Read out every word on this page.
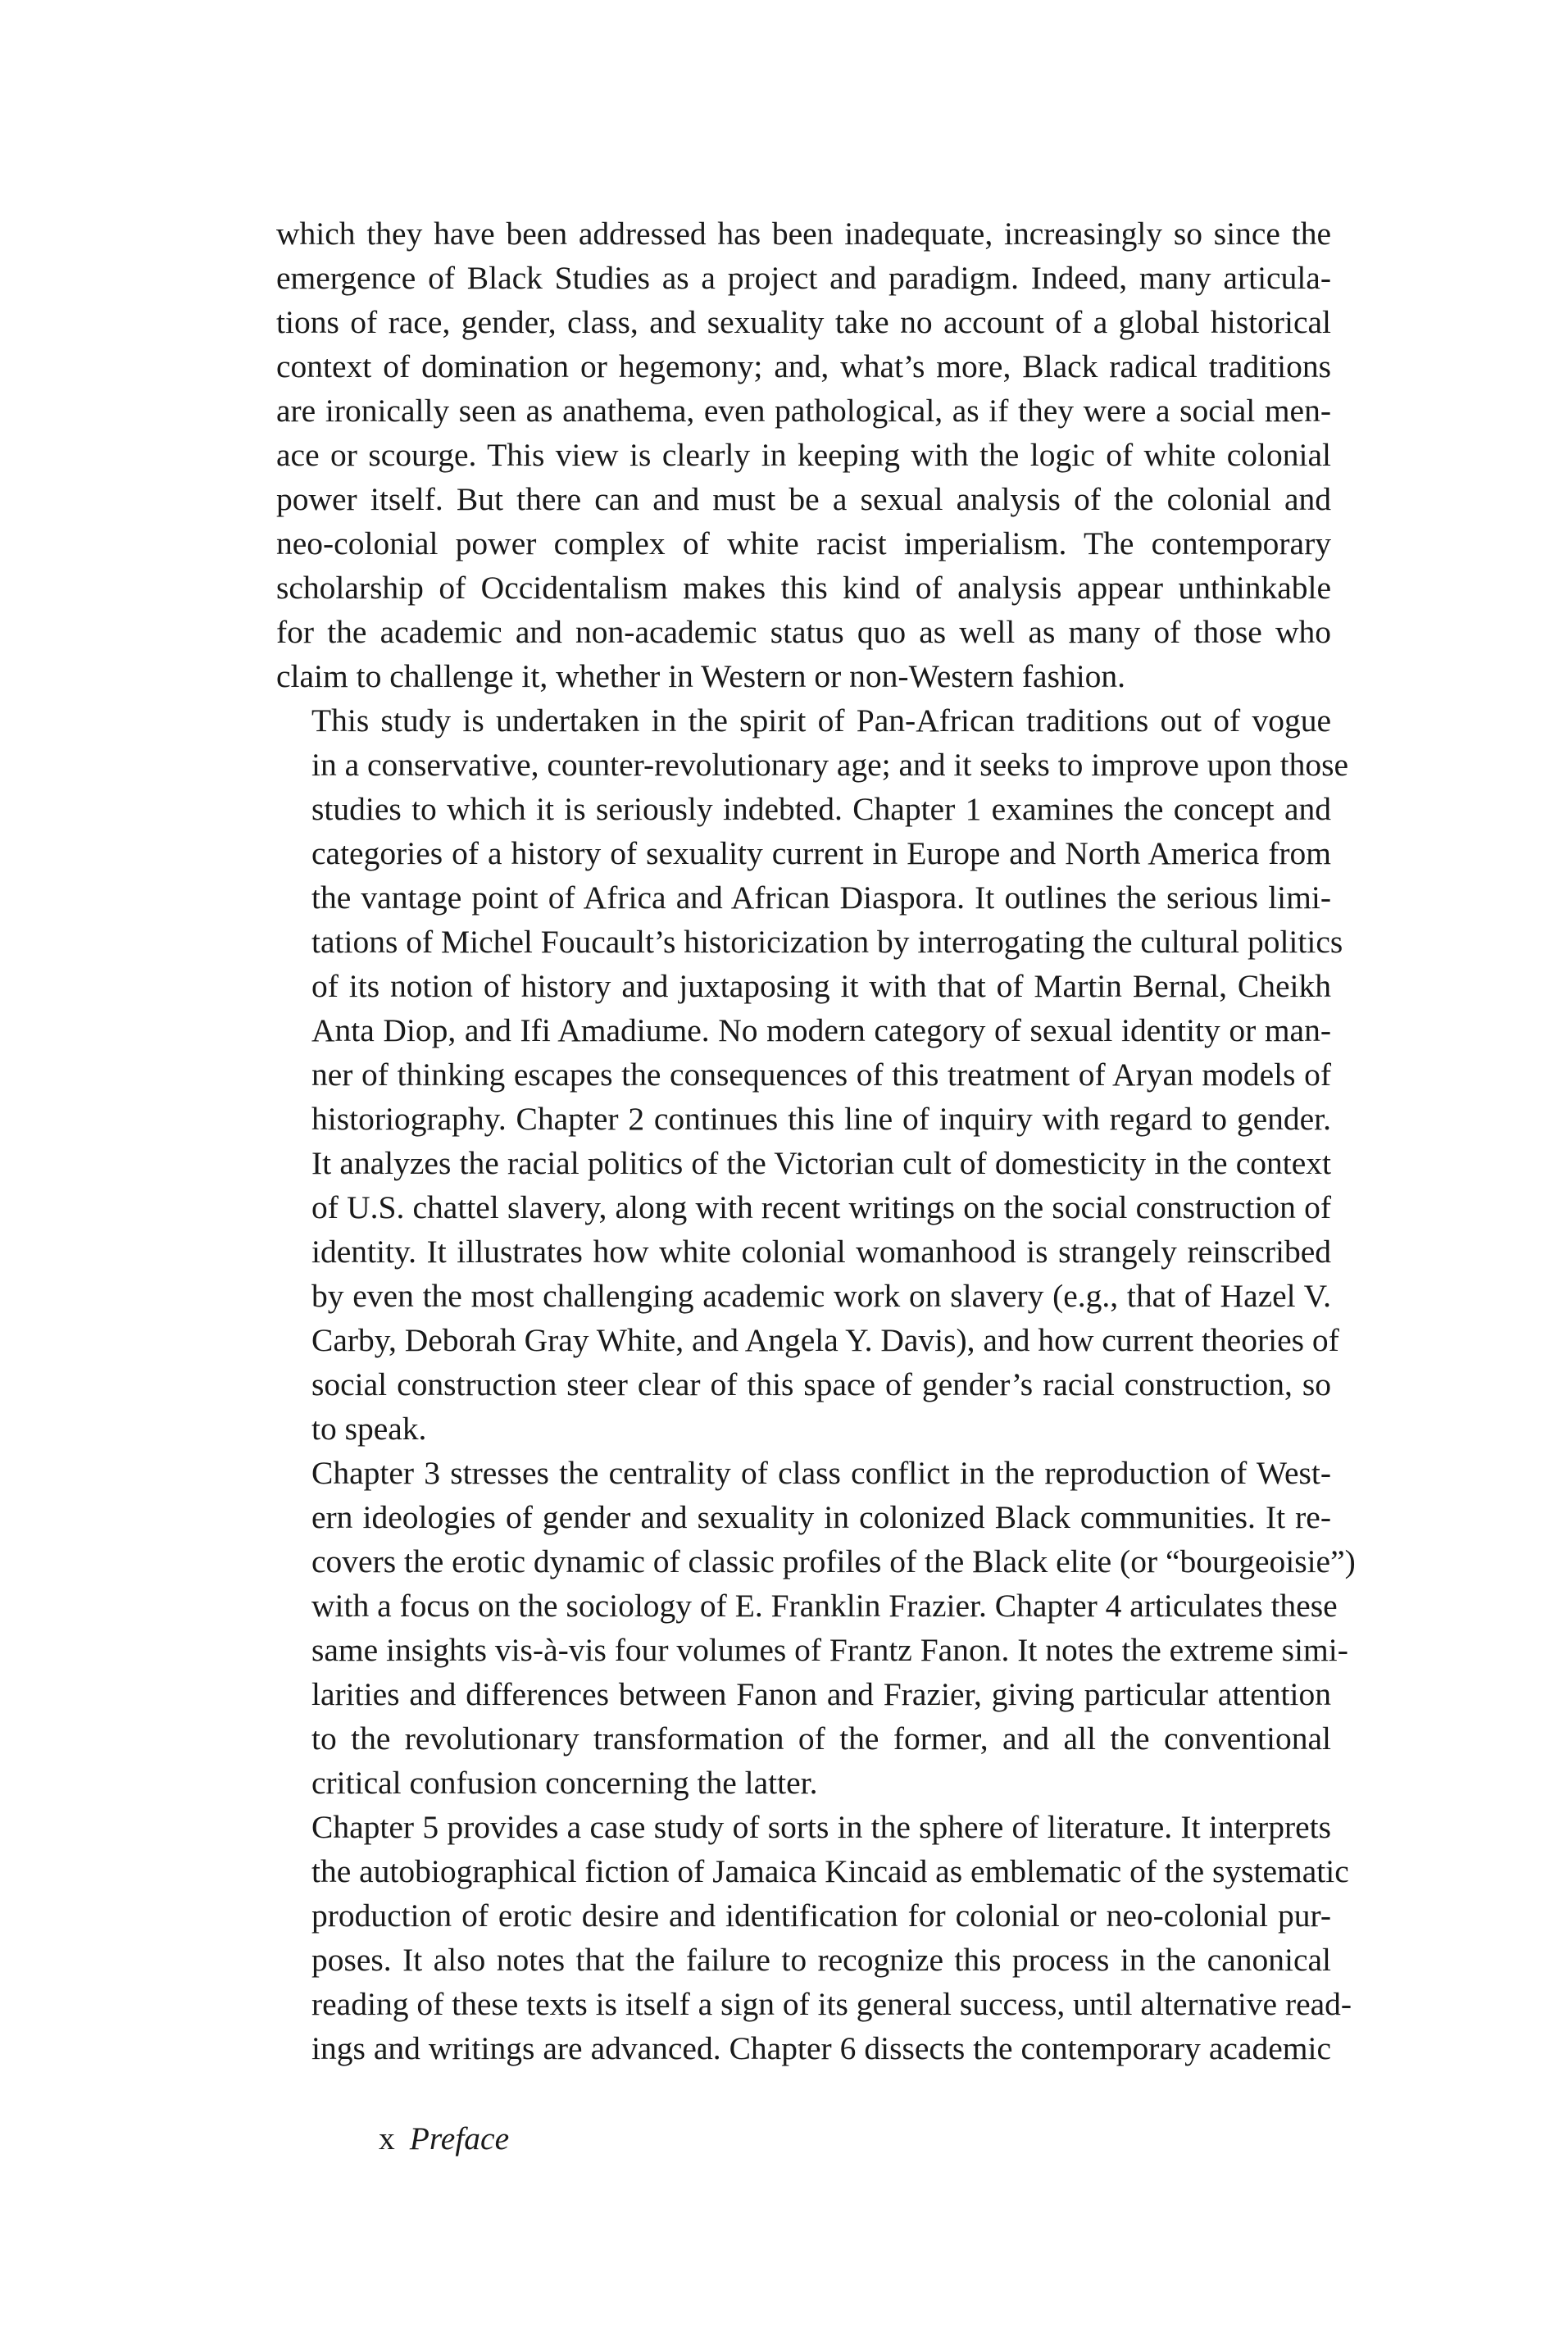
which they have been addressed has been inadequate, increasingly so since the
emergence of Black Studies as a project and paradigm. Indeed, many articula-
tions of race, gender, class, and sexuality take no account of a global historical
context of domination or hegemony; and, what’s more, Black radical traditions
are ironically seen as anathema, even pathological, as if they were a social men-
ace or scourge. This view is clearly in keeping with the logic of white colonial
power itself. But there can and must be a sexual analysis of the colonial and
neo-colonial power complex of white racist imperialism. The contemporary
scholarship of Occidentalism makes this kind of analysis appear unthinkable
for the academic and non-academic status quo as well as many of those who
claim to challenge it, whether in Western or non-Western fashion.

This study is undertaken in the spirit of Pan-African traditions out of vogue
in a conservative, counter-revolutionary age; and it seeks to improve upon those
studies to which it is seriously indebted. Chapter 1 examines the concept and
categories of a history of sexuality current in Europe and North America from
the vantage point of Africa and African Diaspora. It outlines the serious limi-
tations of Michel Foucault’s historicization by interrogating the cultural politics
of its notion of history and juxtaposing it with that of Martin Bernal, Cheikh
Anta Diop, and Ifi Amadiume. No modern category of sexual identity or man-
ner of thinking escapes the consequences of this treatment of Aryan models of
historiography. Chapter 2 continues this line of inquiry with regard to gender.
It analyzes the racial politics of the Victorian cult of domesticity in the context
of U.S. chattel slavery, along with recent writings on the social construction of
identity. It illustrates how white colonial womanhood is strangely reinscribed
by even the most challenging academic work on slavery (e.g., that of Hazel V.
Carby, Deborah Gray White, and Angela Y. Davis), and how current theories of
social construction steer clear of this space of gender’s racial construction, so
to speak.

Chapter 3 stresses the centrality of class conflict in the reproduction of West-
ern ideologies of gender and sexuality in colonized Black communities. It re-
covers the erotic dynamic of classic profiles of the Black elite (or “bourgeoisie”)
with a focus on the sociology of E. Franklin Frazier. Chapter 4 articulates these
same insights vis-à-vis four volumes of Frantz Fanon. It notes the extreme simi-
larities and differences between Fanon and Frazier, giving particular attention
to the revolutionary transformation of the former, and all the conventional
critical confusion concerning the latter.

Chapter 5 provides a case study of sorts in the sphere of literature. It interprets
the autobiographical fiction of Jamaica Kincaid as emblematic of the systematic
production of erotic desire and identification for colonial or neo-colonial pur-
poses. It also notes that the failure to recognize this process in the canonical
reading of these texts is itself a sign of its general success, until alternative read-
ings and writings are advanced. Chapter 6 dissects the contemporary academic

x Preface
